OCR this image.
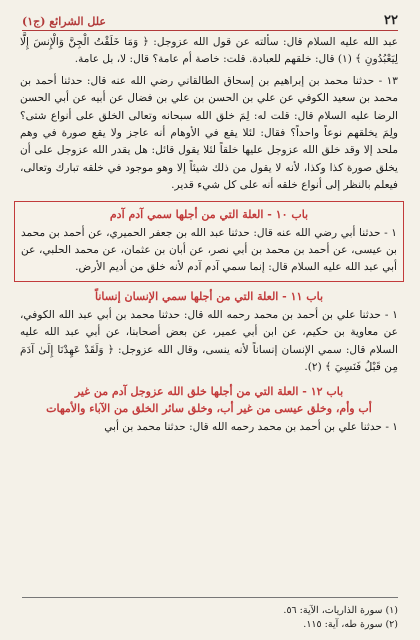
٢٢
علل الشرائع (ج١)

عبد الله عليه السلام قال: سألته عن قول الله عزوجل: ﴿ وَمَا خَلَقْتُ الْجِنَّ وَالْإِنسَ إِلَّا لِيَعْبُدُونِ ﴾ (١) قال: خلقهم للعبادة. قلت: خاصة أم عامة؟ قال: لا، بل عامة.

١٣ - حدثنا محمد بن إبراهيم بن إسحاق الطالقاني رضي الله عنه قال: حدثنا أحمد بن محمد بن سعيد الكوفي عن علي بن الحسن بن علي بن فضال عن أبيه عن أبي الحسن الرضا عليه السلام قال: قلت له: لِمَ خلق الله سبحانه وتعالى الخلق على أنواع شتى؟ ولِمَ يخلقهم نوعاً واحداً؟ فقال: لئلا يقع في الأوهام أنه عاجز ولا يقع صورة في وهم ملحد إلا وقد خلق الله عزوجل عليها خلقاً لئلا يقول قائل: هل يقدر الله عزوجل على أن يخلق صورة كذا وكذا، لأنه لا يقول من ذلك شيئاً إلا وهو موجود في خلقه تبارك وتعالى، فيعلم بالنظر إلى أنواع خلقه أنه على كل شيء قدير.

باب ١٠ - العلة التي من أجلها سمي آدم آدم

١ - حدثنا أبي رضي الله عنه قال: حدثنا عبد الله بن جعفر الحميري، عن أحمد بن محمد بن عيسى، عن أحمد بن محمد بن أبي نصر، عن أبان بن عثمان، عن محمد الحلبي، عن أبي عبد الله عليه السلام قال: إنما سمي آدم آدم لأنه خلق من أديم الأرض.

باب ١١ - العلة التي من أجلها سمي الإنسان إنساناً

١ - حدثنا علي بن أحمد بن محمد رحمه الله قال: حدثنا محمد بن أبي عبد الله الكوفي، عن معاوية بن حكيم، عن ابن أبي عمير، عن بعض أصحابنا، عن أبي عبد الله عليه السلام قال: سمي الإنسان إنساناً لأنه ينسى، وقال الله عزوجل: ﴿ وَلَقَدْ عَهِدْنَا إِلَىٰ آدَمَ مِن قَبْلُ فَنَسِيَ ﴾ (٢).

باب ١٢ - العلة التي من أجلها خلق الله عزوجل آدم من غير
أب وأم، وخلق عيسى من غير أب، وخلق سائر الخلق من الآباء والأمهات

١ - حدثنا علي بن أحمد بن محمد رحمه الله قال: حدثنا محمد بن أبي

(١) سورة الذاريات، الآية: ٥٦.

(٢) سورة طه، آية: ١١٥.
